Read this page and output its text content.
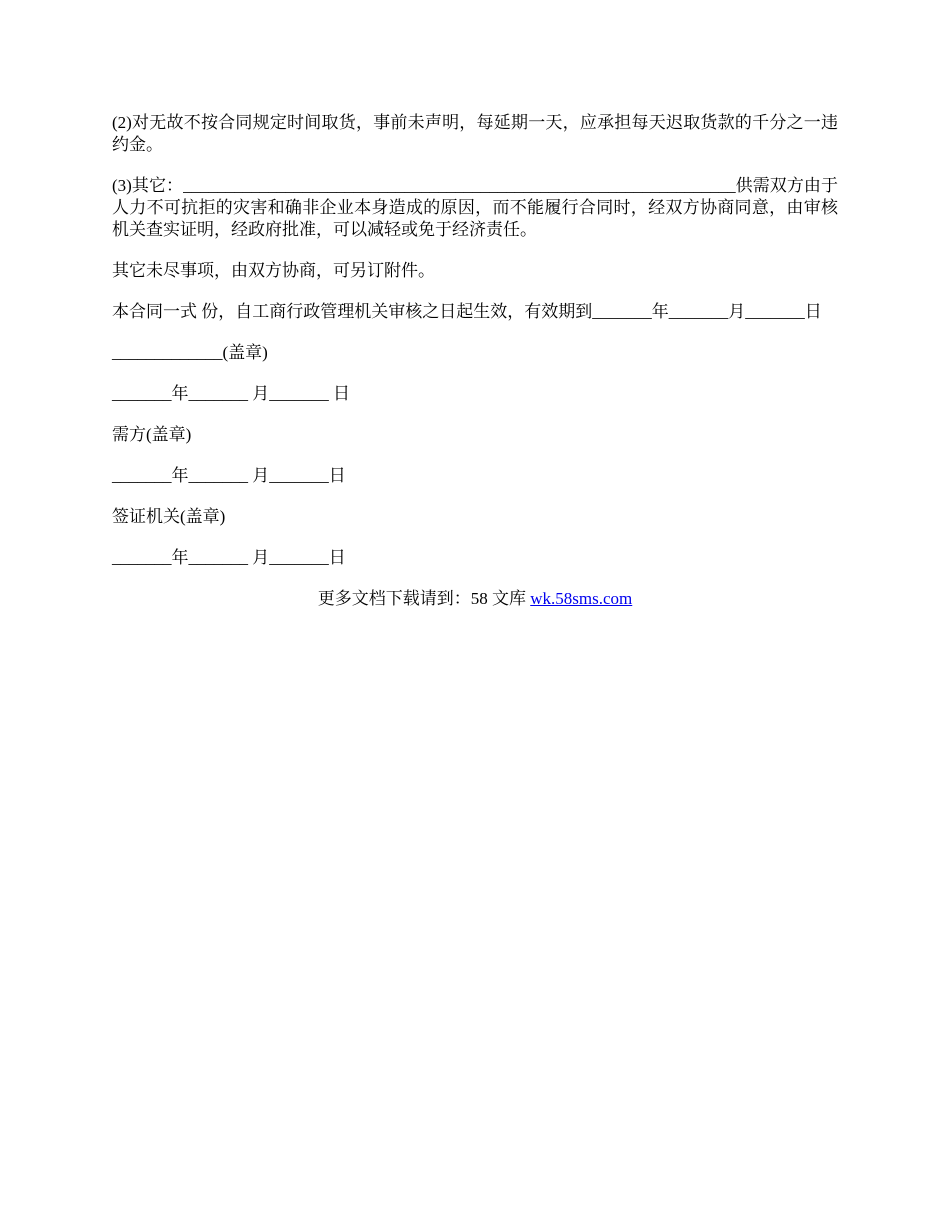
(2)对无故不按合同规定时间取货，事前未声明，每延期一天，应承担每天迟取货款的千分之一违约金。

(3)其它：_________________________________________________________________供需双方由于人力不可抗拒的灾害和确非企业本身造成的原因，而不能履行合同时，经双方协商同意，由审核机关查实证明，经政府批准，可以减轻或免于经济责任。

其它未尽事项，由双方协商，可另订附件。

本合同一式 份，自工商行政管理机关审核之日起生效，有效期到_______年_______月_______日

_____________(盖章)

_______年_______ 月_______ 日

需方(盖章)

_______年_______ 月_______日

签证机关(盖章)

_______年_______ 月_______日

更多文档下载请到：58 文库 wk.58sms.com
